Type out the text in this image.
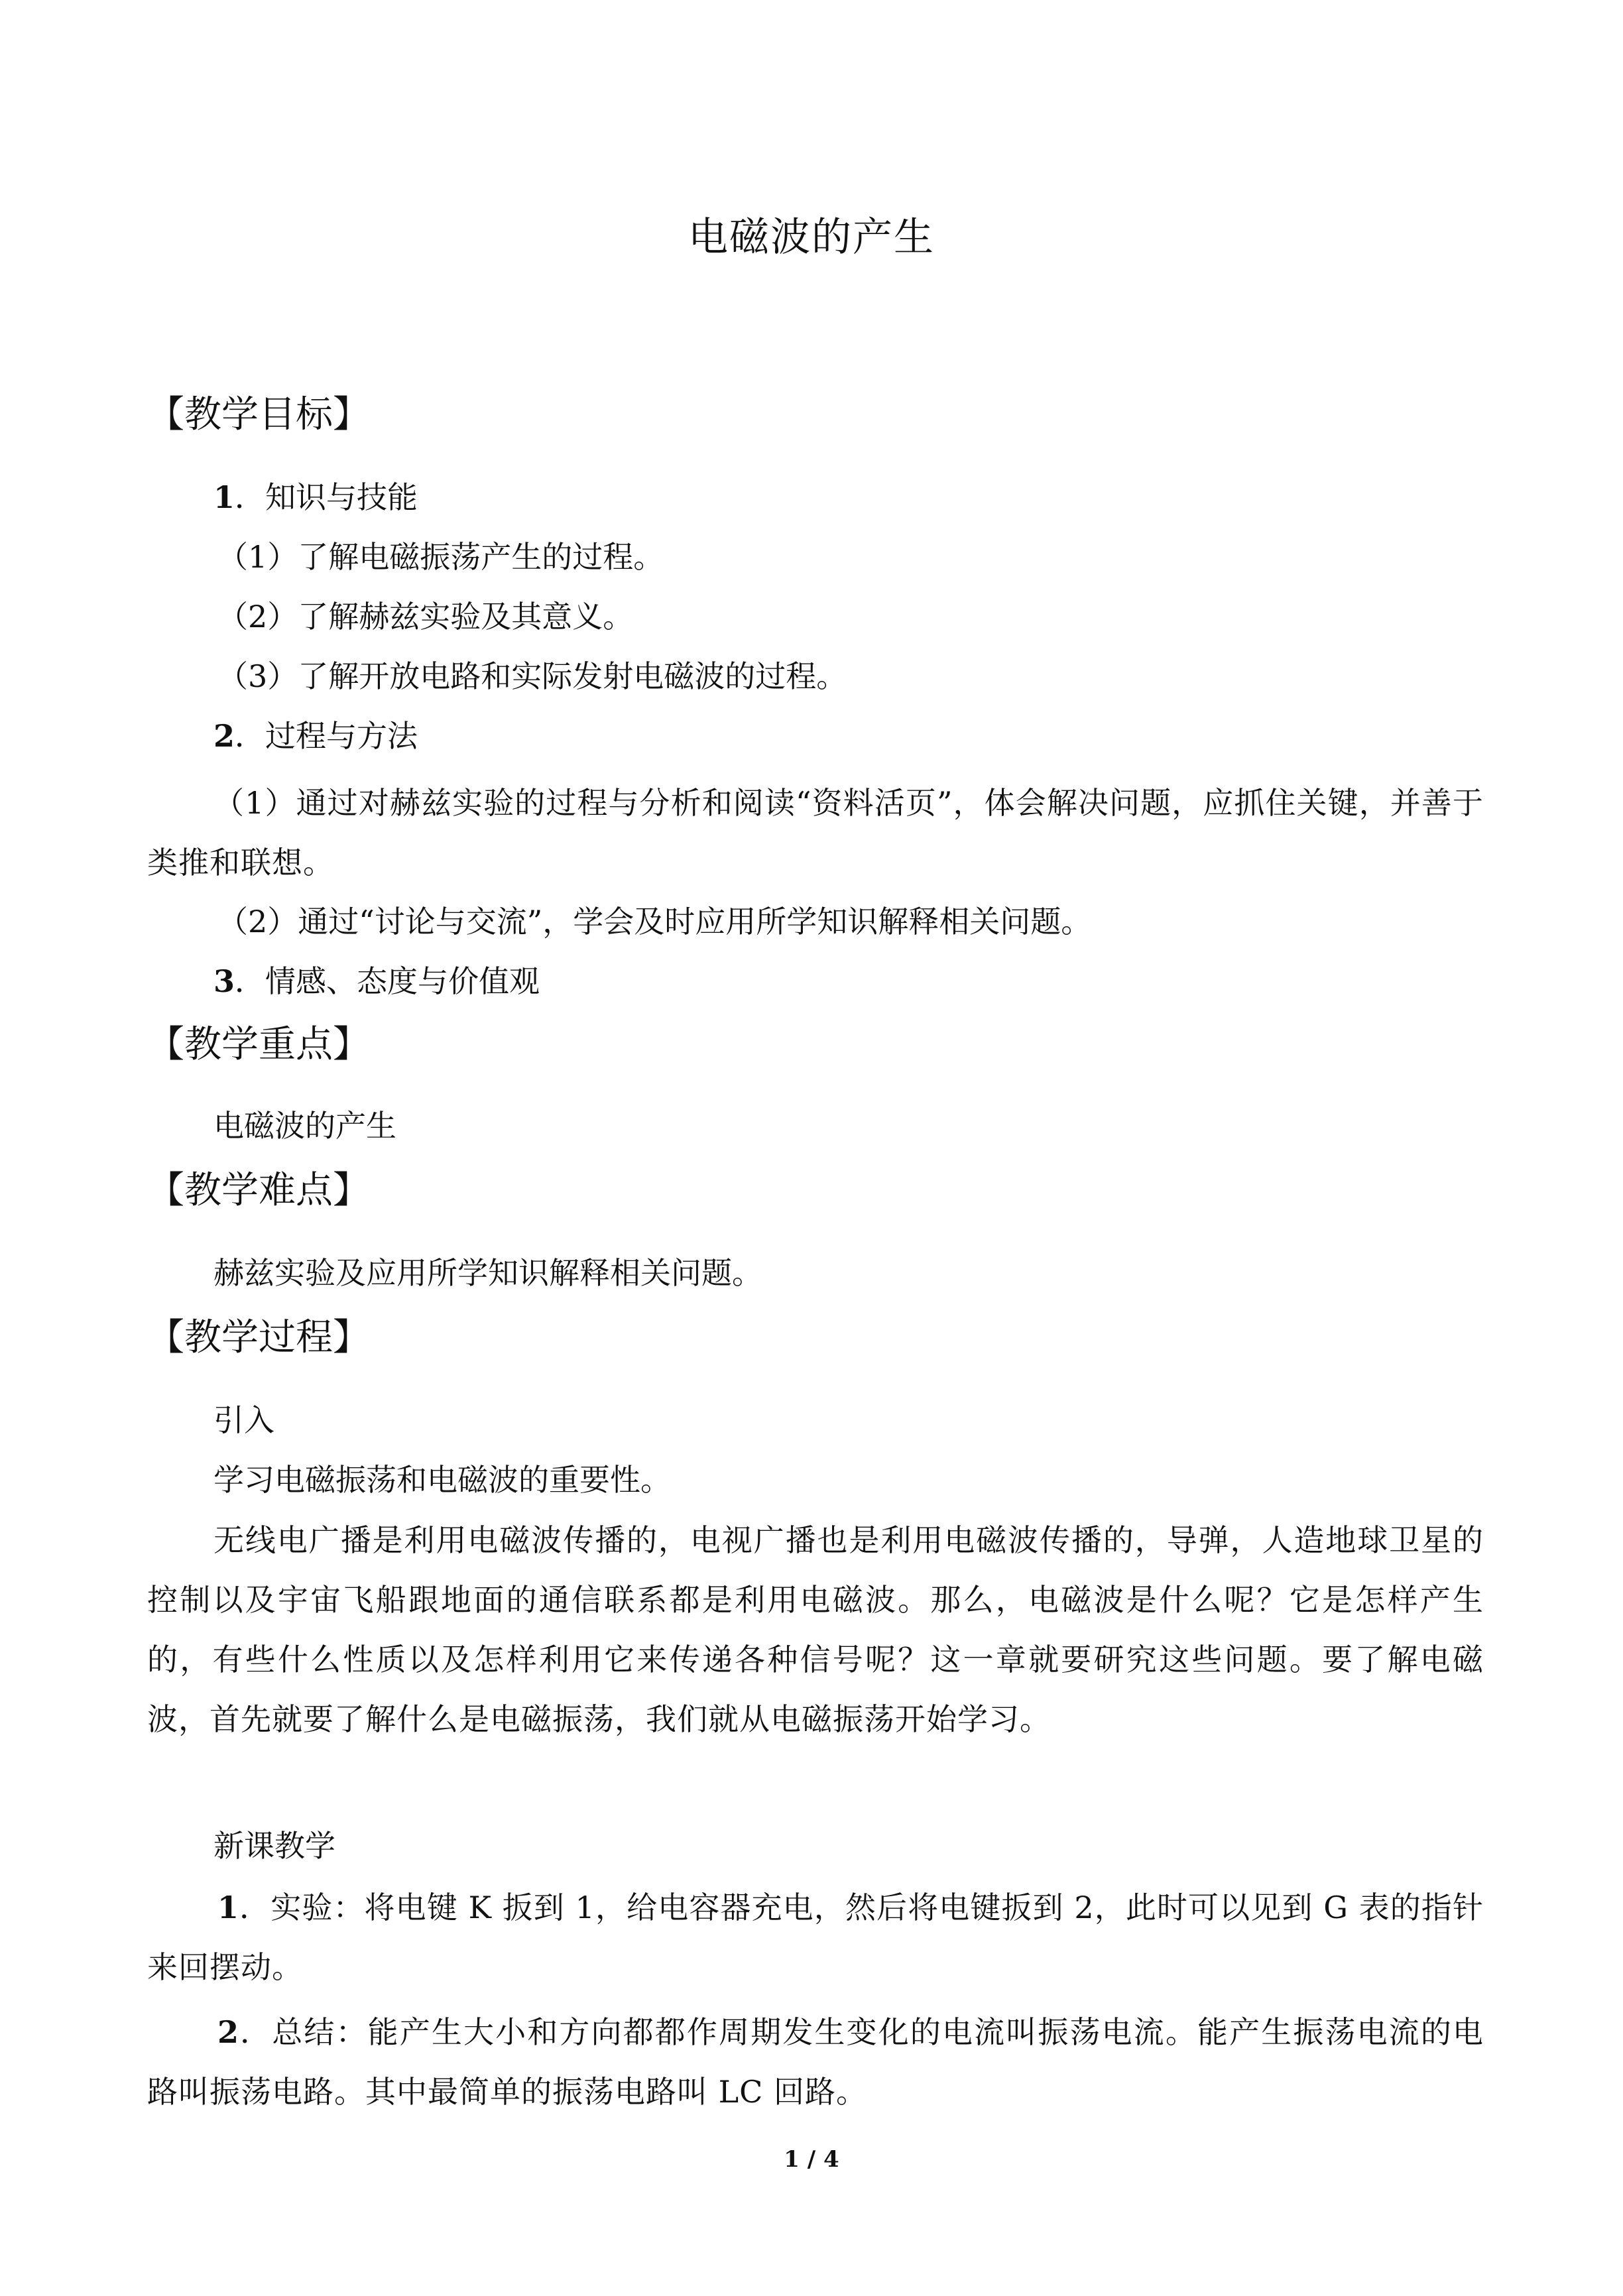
电磁波的产生
【教学目标】
1．知识与技能
（1）了解电磁振荡产生的过程。
（2）了解赫兹实验及其意义。
（3）了解开放电路和实际发射电磁波的过程。
2．过程与方法
（1）通过对赫兹实验的过程与分析和阅读“资料活页”，体会解决问题，应抓住关键，并善于类推和联想。
（2）通过“讨论与交流”，学会及时应用所学知识解释相关问题。
3．情感、态度与价值观
【教学重点】
电磁波的产生
【教学难点】
赫兹实验及应用所学知识解释相关问题。
【教学过程】
引入
学习电磁振荡和电磁波的重要性。
无线电广播是利用电磁波传播的，电视广播也是利用电磁波传播的，导弹，人造地球卫星的控制以及宇宙飞船跟地面的通信联系都是利用电磁波。那么，电磁波是什么呢？它是怎样产生的，有些什么性质以及怎样利用它来传递各种信号呢？这一章就要研究这些问题。要了解电磁波，首先就要了解什么是电磁振荡，我们就从电磁振荡开始学习。
新课教学
1．实验：将电键 K 扳到 1，给电容器充电，然后将电键扳到 2，此时可以见到 G 表的指针来回摆动。
2．总结：能产生大小和方向都都作周期发生变化的电流叫振荡电流。能产生振荡电流的电路叫振荡电路。其中最简单的振荡电路叫 LC 回路。
1 / 4
